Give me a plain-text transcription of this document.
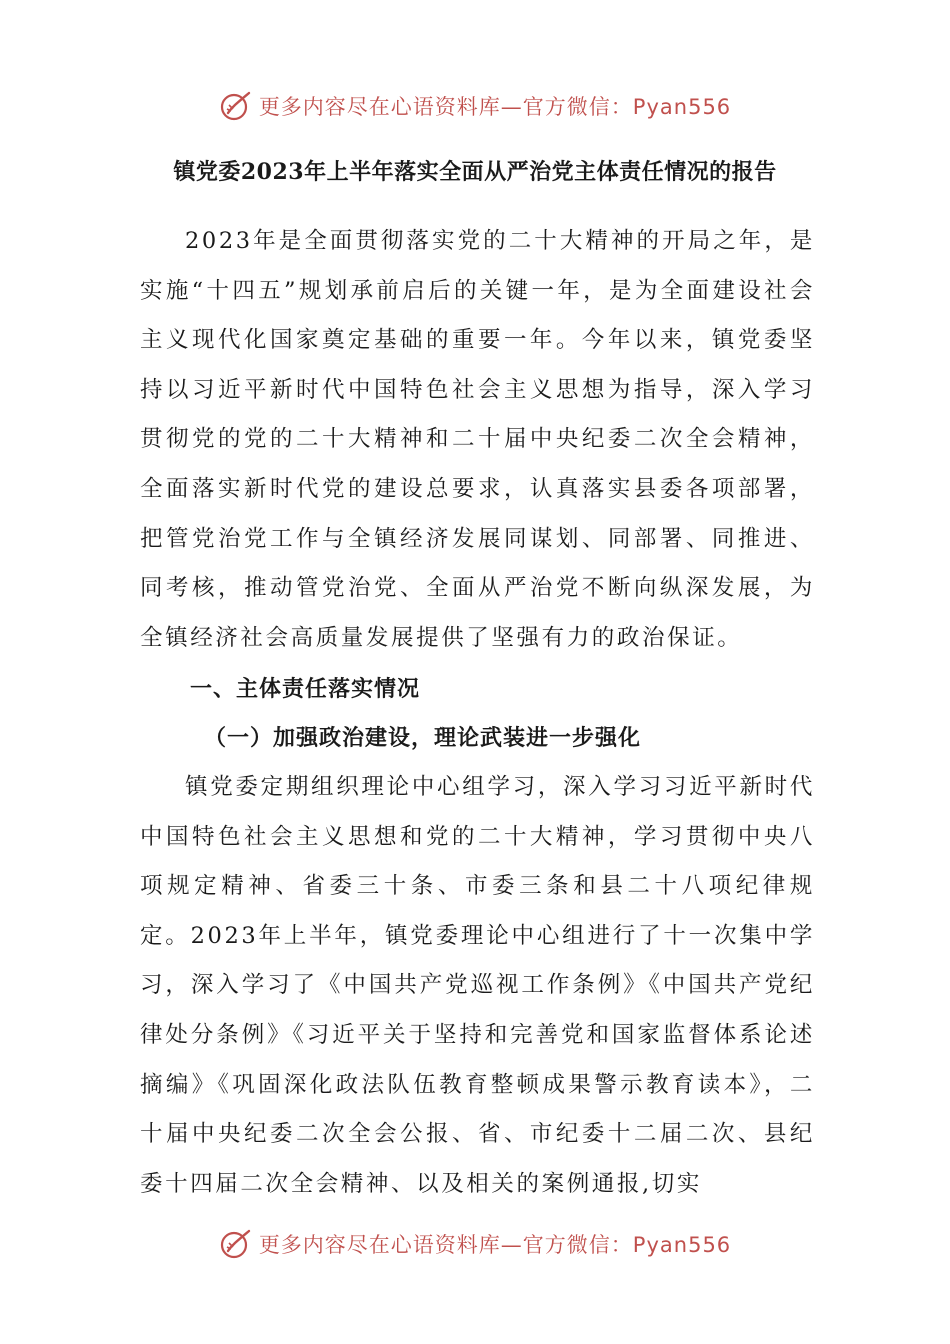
更多内容尽在心语资料库—官方微信：Pyan556
镇党委2023年上半年落实全面从严治党主体责任情况的报告

2023年是全面贯彻落实党的二十大精神的开局之年，是实施“十四五”规划承前启后的关键一年，是为全面建设社会主义现代化国家奠定基础的重要一年。今年以来，镇党委坚持以习近平新时代中国特色社会主义思想为指导，深入学习贯彻党的党的二十大精神和二十届中央纪委二次全会精神，全面落实新时代党的建设总要求，认真落实县委各项部署，把管党治党工作与全镇经济发展同谋划、同部署、同推进、同考核，推动管党治党、全面从严治党不断向纵深发展，为全镇经济社会高质量发展提供了坚强有力的政治保证。

一、主体责任落实情况
（一）加强政治建设，理论武装进一步强化

镇党委定期组织理论中心组学习，深入学习习近平新时代中国特色社会主义思想和党的二十大精神，学习贯彻中央八项规定精神、省委三十条、市委三条和县二十八项纪律规定。2023年上半年，镇党委理论中心组进行了十一次集中学习，深入学习了《中国共产党巡视工作条例》《中国共产党纪律处分条例》《习近平关于坚持和完善党和国家监督体系论述摘编》《巩固深化政法队伍教育整顿成果警示教育读本》，二十届中央纪委二次全会公报、省、市纪委十二届二次、县纪委十四届二次全会精神、以及相关的案例通报,切实

更多内容尽在心语资料库—官方微信：Pyan556
